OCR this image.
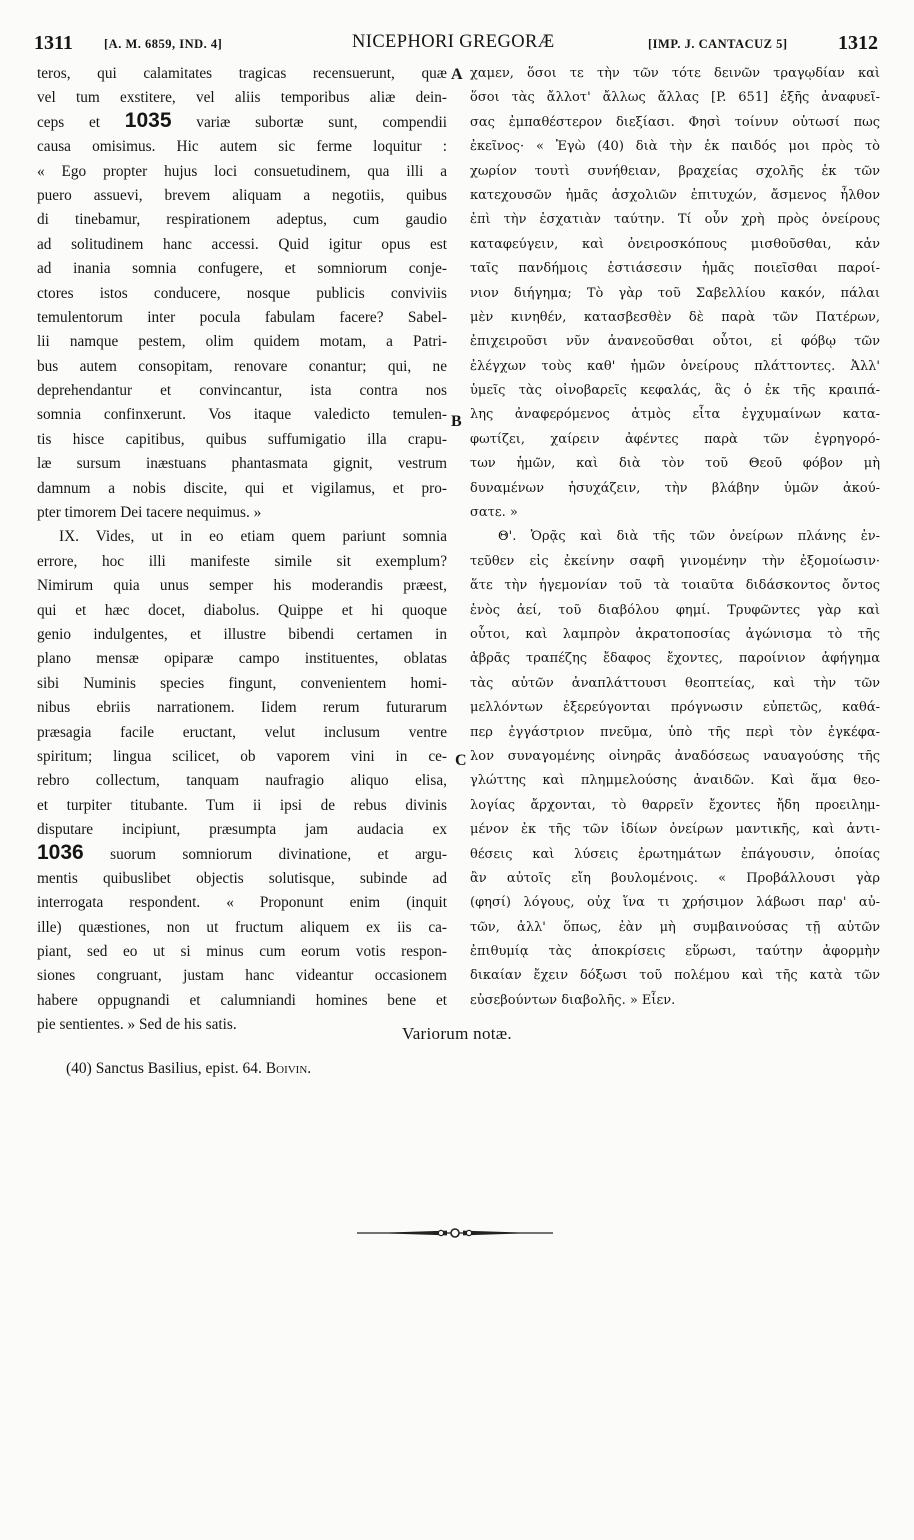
1311 [A. M. 6859, IND. 4]	NICEPHORI GREGORÆ	[IMP. J. CANTACUZ 5]	1312
teros, qui calamitates tragicas recensuerunt, quæ
vel tum exstitere, vel aliis temporibus aliæ dein-
ceps et 1035 variæ subortæ sunt, compendii
causa omisimus. Hic autem sic ferme loquitur :
« Ego propter hujus loci consuetudinem, qua illi a
puero assuevi, brevem aliquam a negotiis, quibus
di tinebamur, respirationem adeptus, cum gaudio
ad solitudinem hanc accessi. Quid igitur opus est
ad inania somnia confugere, et somniorum conje-
ctores istos conducere, nosque publicis conviviis
temulentorum inter pocula fabulam facere? Sabel-
lii namque pestem, olim quidem motam, a Patri-
bus autem consopitam, renovare conantur; qui, ne
deprehendantur et convincantur, ista contra nos
somnia confinxerunt. Vos itaque valedicto temulen-
tis hisce capitibus, quibus suffumigatio illa crapu-
læ sursum inæstuans phantasmata gignit, vestrum
damnum a nobis discite, qui et vigilamus, et pro-
pter timorem Dei tacere nequimus. »
IX. Vides, ut in eo etiam quem pariunt somnia
errore, hoc illi manifeste simile sit exemplum?
Nimirum quia unus semper his moderandis præest,
qui et hæc docet, diabolus. Quippe et hi quoque
genio indulgentes, et illustre bibendi certamen in
plano mensæ opiparæ campo instituentes, oblatas
sibi Numinis species fingunt, convenientem homi-
nibus ebriis narrationem. Iidem rerum futurarum
præsagia facile eructant, velut inclusum ventre
spiritum; lingua scilicet, ob vaporem vini in ce-
rebro collectum, tanquam naufragio aliquo elisa,
et turpiter titubante. Tum ii ipsi de rebus divinis
disputare incipiunt, præsumpta jam audacia ex
1036 suorum somniorum divinatione, et argu-
mentis quibuslibet objectis solutisque, subinde ad
interrogata respondent. « Proponunt enim (inquit
ille) quæstiones, non ut fructum aliquem ex iis ca-
piant, sed eo ut si minus cum eorum votis respon-
siones congruant, justam hanc videantur occasionem
habere oppugnandi et calumniandi homines bene et
pie sentientes. » Sed de his satis.
χαμεν, ὅσοι τε τὴν τῶν τότε δεινῶν τραγῳδίαν καὶ
ὅσοι τὰς ἄλλοτ' ἄλλως ἄλλας [P. 651] ἐξῆς ἀναφυεῖ-
σας ἐμπαθέστερον διεξίασι. Φησὶ τοίνυν οὑτωσί πως
ἐκεῖνος· « Ἐγὼ (40) διὰ τὴν ἐκ παιδός μοι πρὸς τὸ
χωρίον τουτὶ συνήθειαν, βραχείας σχολῆς ἐκ τῶν
κατεχουσῶν ἡμᾶς ἀσχολιῶν ἐπιτυχών, ἄσμενος ἦλθον
ἐπὶ τὴν ἐσχατιὰν ταύτην. Τί οὖν χρὴ πρὸς ὀνείρους
καταφεύγειν, καὶ ὀνειροσκόπους μισθοῦσθαι, κἀν
ταῖς πανδήμοις ἑστιάσεσιν ἡμᾶς ποιεῖσθαι παροί-
νιον διήγημα; Τὸ γὰρ τοῦ Σαβελλίου κακόν, πάλαι
μὲν κινηθέν, κατασβεσθὲν δὲ παρὰ τῶν Πατέρων,
ἐπιχειροῦσι νῦν ἀνανεοῦσθαι οὗτοι, εἰ φόβῳ τῶν
ἐλέγχων τοὺς καθ' ἡμῶν ὀνείρους πλάττοντες. Ἀλλ'
ὑμεῖς τὰς οἰνοβαρεῖς κεφαλάς, ἃς ὁ ἐκ τῆς κραιπά-
λης ἀναφερόμενος ἀτμὸς εἶτα ἐγχυμαίνων κατα-
φωτίζει, χαίρειν ἀφέντες παρὰ τῶν ἐγρηγορό-
των ἡμῶν, καὶ διὰ τὸν τοῦ Θεοῦ φόβον μὴ
δυναμένων ἡσυχάζειν, τὴν βλάβην ὑμῶν ἀκού-
σατε. »
Θ'. Ὁρᾷς καὶ διὰ τῆς τῶν ὀνείρων πλάνης ἐν-
τεῦθεν εἰς ἐκείνην σαφῆ γινομένην τὴν ἐξομοίωσιν·
ἅτε τὴν ἡγεμονίαν τοῦ τὰ τοιαῦτα διδάσκοντος ὄντος
ἑνὸς ἀεί, τοῦ διαβόλου φημί. Τρυφῶντες γὰρ καὶ
οὗτοι, καὶ λαμπρὸν ἀκρατοποσίας ἀγώνισμα τὸ τῆς
ἁβρᾶς τραπέζης ἔδαφος ἔχοντες, παροίνιον ἀφήγημα
τὰς αὐτῶν ἀναπλάττουσι θεοπτείας, καὶ τὴν τῶν
μελλόντων ἐξερεύγονται πρόγνωσιν εὐπετῶς, καθά-
περ ἐγγάστριον πνεῦμα, ὑπὸ τῆς περὶ τὸν ἐγκέφα-
λον συναγομένης οἰνηρᾶς ἀναδόσεως ναυαγούσης τῆς
γλώττης καὶ πλημμελούσης ἀναιδῶν. Καὶ ἅμα θεο-
λογίας ἄρχονται, τὸ θαρρεῖν ἔχοντες ἤδη προειλημ-
μένον ἐκ τῆς τῶν ἰδίων ὀνείρων μαντικῆς, καὶ ἀντι-
θέσεις καὶ λύσεις ἐρωτημάτων ἐπάγουσιν, ὁποίας
ἂν αὐτοῖς εἴη βουλομένοις. « Προβάλλουσι γὰρ
(φησί) λόγους, οὐχ ἵνα τι χρήσιμον λάβωσι παρ' αὐ-
τῶν, ἀλλ' ὅπως, ἐὰν μὴ συμβαινούσας τῇ αὐτῶν
ἐπιθυμίᾳ τὰς ἀποκρίσεις εὕρωσι, ταύτην ἀφορμὴν
δικαίαν ἔχειν δόξωσι τοῦ πολέμου καὶ τῆς κατὰ τῶν
εὐσεβούντων διαβολῆς. » Εἶεν.
A
B
C
Variorum notæ.
(40) Sanctus Basilius, epist. 64. Boivin.
